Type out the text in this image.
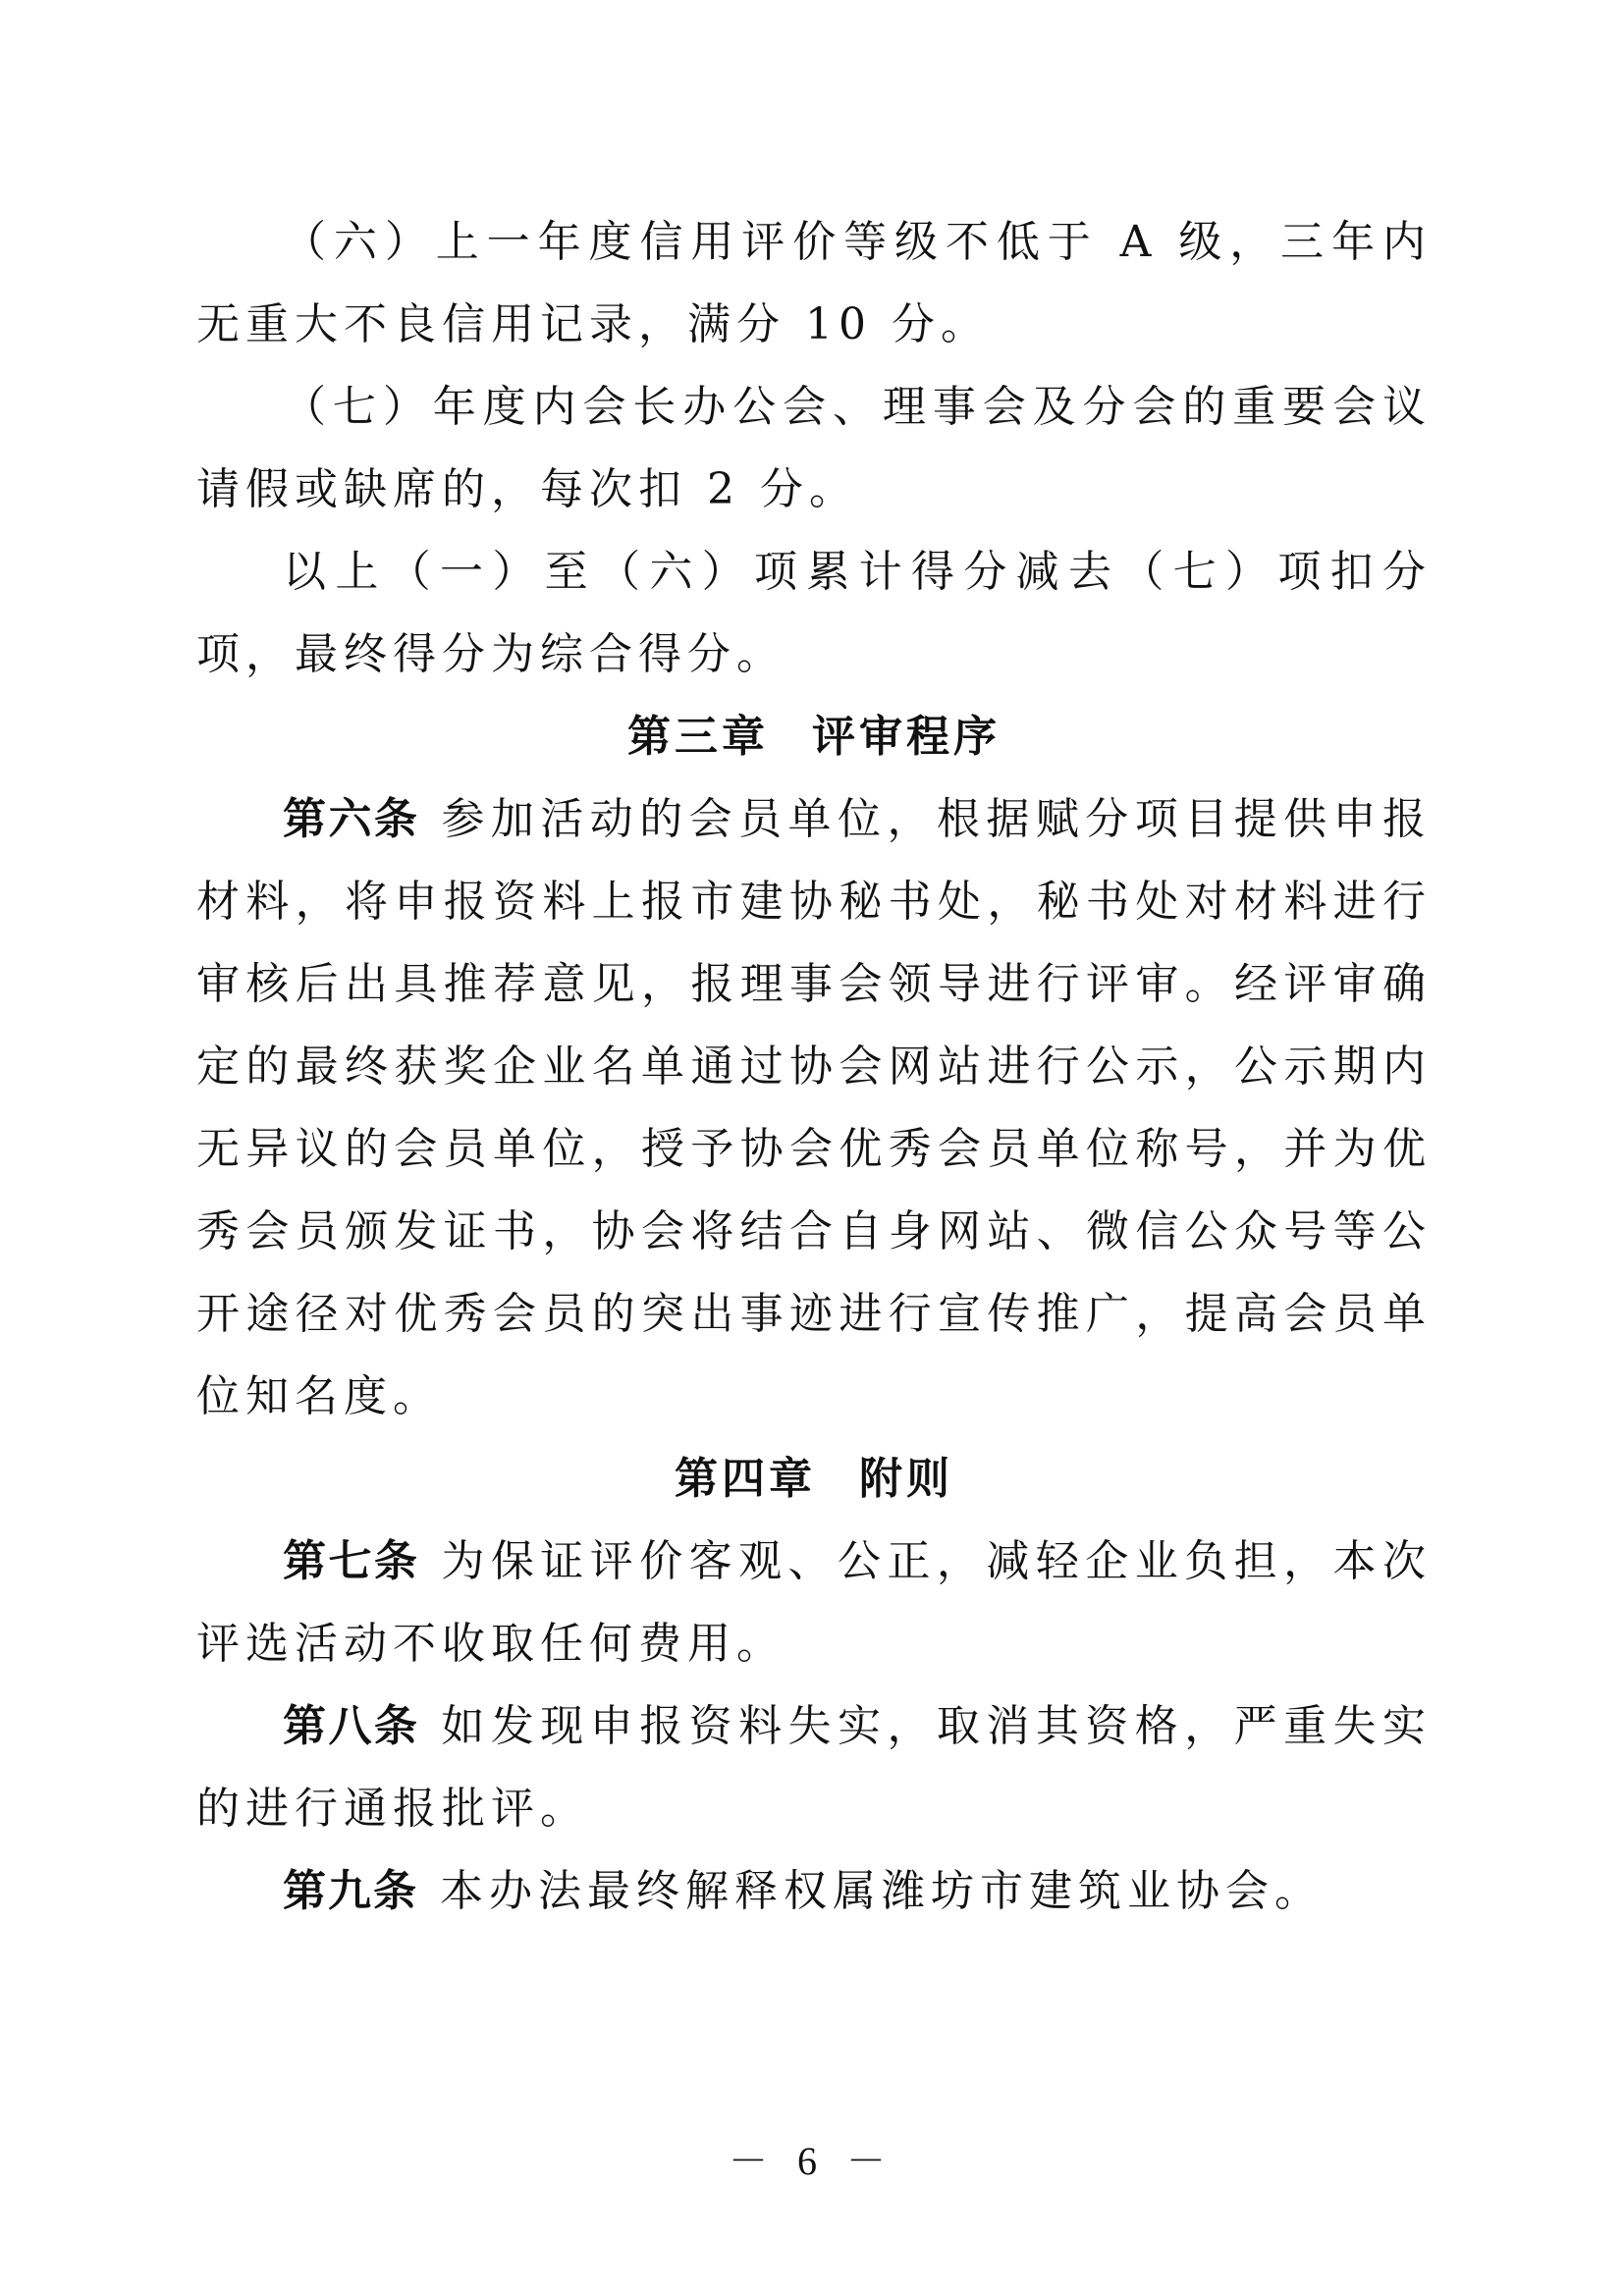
（六）上一年度信用评价等级不低于 A 级，三年内无重大不良信用记录，满分 10 分。

（七）年度内会长办公会、理事会及分会的重要会议请假或缺席的，每次扣 2 分。

以上（一）至（六）项累计得分减去（七）项扣分项，最终得分为综合得分。

第三章 评审程序

第六条 参加活动的会员单位，根据赋分项目提供申报材料，将申报资料上报市建协秘书处，秘书处对材料进行审核后出具推荐意见，报理事会领导进行评审。经评审确定的最终获奖企业名单通过协会网站进行公示，公示期内无异议的会员单位，授予协会优秀会员单位称号，并为优秀会员颁发证书，协会将结合自身网站、微信公众号等公开途径对优秀会员的突出事迹进行宣传推广，提高会员单位知名度。

第四章 附则

第七条 为保证评价客观、公正，减轻企业负担，本次评选活动不收取任何费用。

第八条 如发现申报资料失实，取消其资格，严重失实的进行通报批评。

第九条 本办法最终解释权属潍坊市建筑业协会。

－ 6 －
